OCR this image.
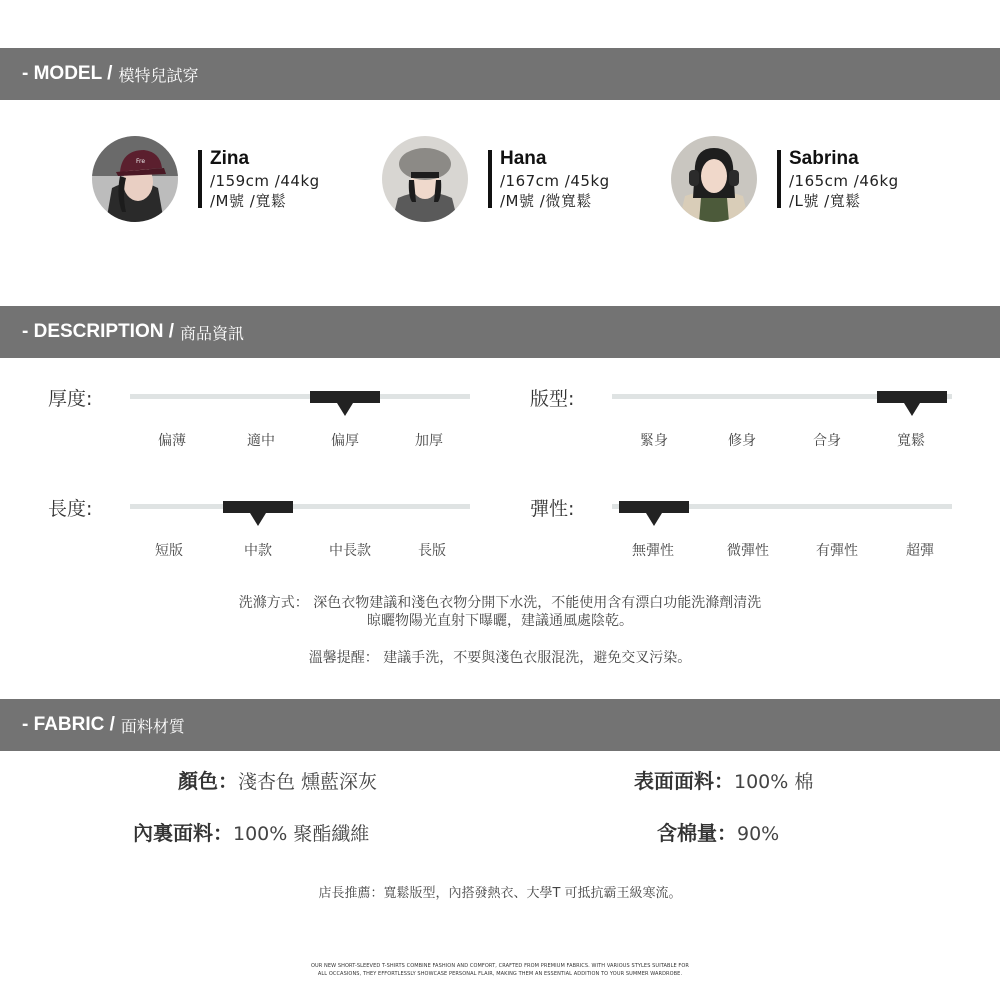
- MODEL / 模特兒試穿
Fre	Zina
/159cm /44kg
/M號 /寬鬆
Hana
/167cm /45kg
/M號 /微寬鬆
Sabrina
/165cm /46kg
/L號 /寬鬆
- DESCRIPTION / 商品資訊
厚度:
偏薄	適中	偏厚	加厚
版型:
緊身	修身	合身	寬鬆
長度:
短版	中款	中長款	長版
彈性:
無彈性	微彈性	有彈性	超彈
洗滌方式： 深色衣物建議和淺色衣物分開下水洗，不能使用含有漂白功能洗滌劑清洗
晾曬物陽光直射下曝曬，建議通風處陰乾。
溫馨提醒： 建議手洗，不要與淺色衣服混洗，避免交叉污染。
- FABRIC / 面料材質
顏色：淺杏色 燻藍深灰	表面面料：100% 棉
內裏面料：100% 聚酯纖維	含棉量：90%
店長推薦：寬鬆版型，內搭發熱衣、大學T 可抵抗霸王級寒流。
OUR NEW SHORT-SLEEVED T-SHIRTS COMBINE FASHION AND COMFORT, CRAFTED FROM PREMIUM FABRICS. WITH VARIOUS STYLES SUITABLE FOR
ALL OCCASIONS, THEY EFFORTLESSLY SHOWCASE PERSONAL FLAIR, MAKING THEM AN ESSENTIAL ADDITION TO YOUR SUMMER WARDROBE.
